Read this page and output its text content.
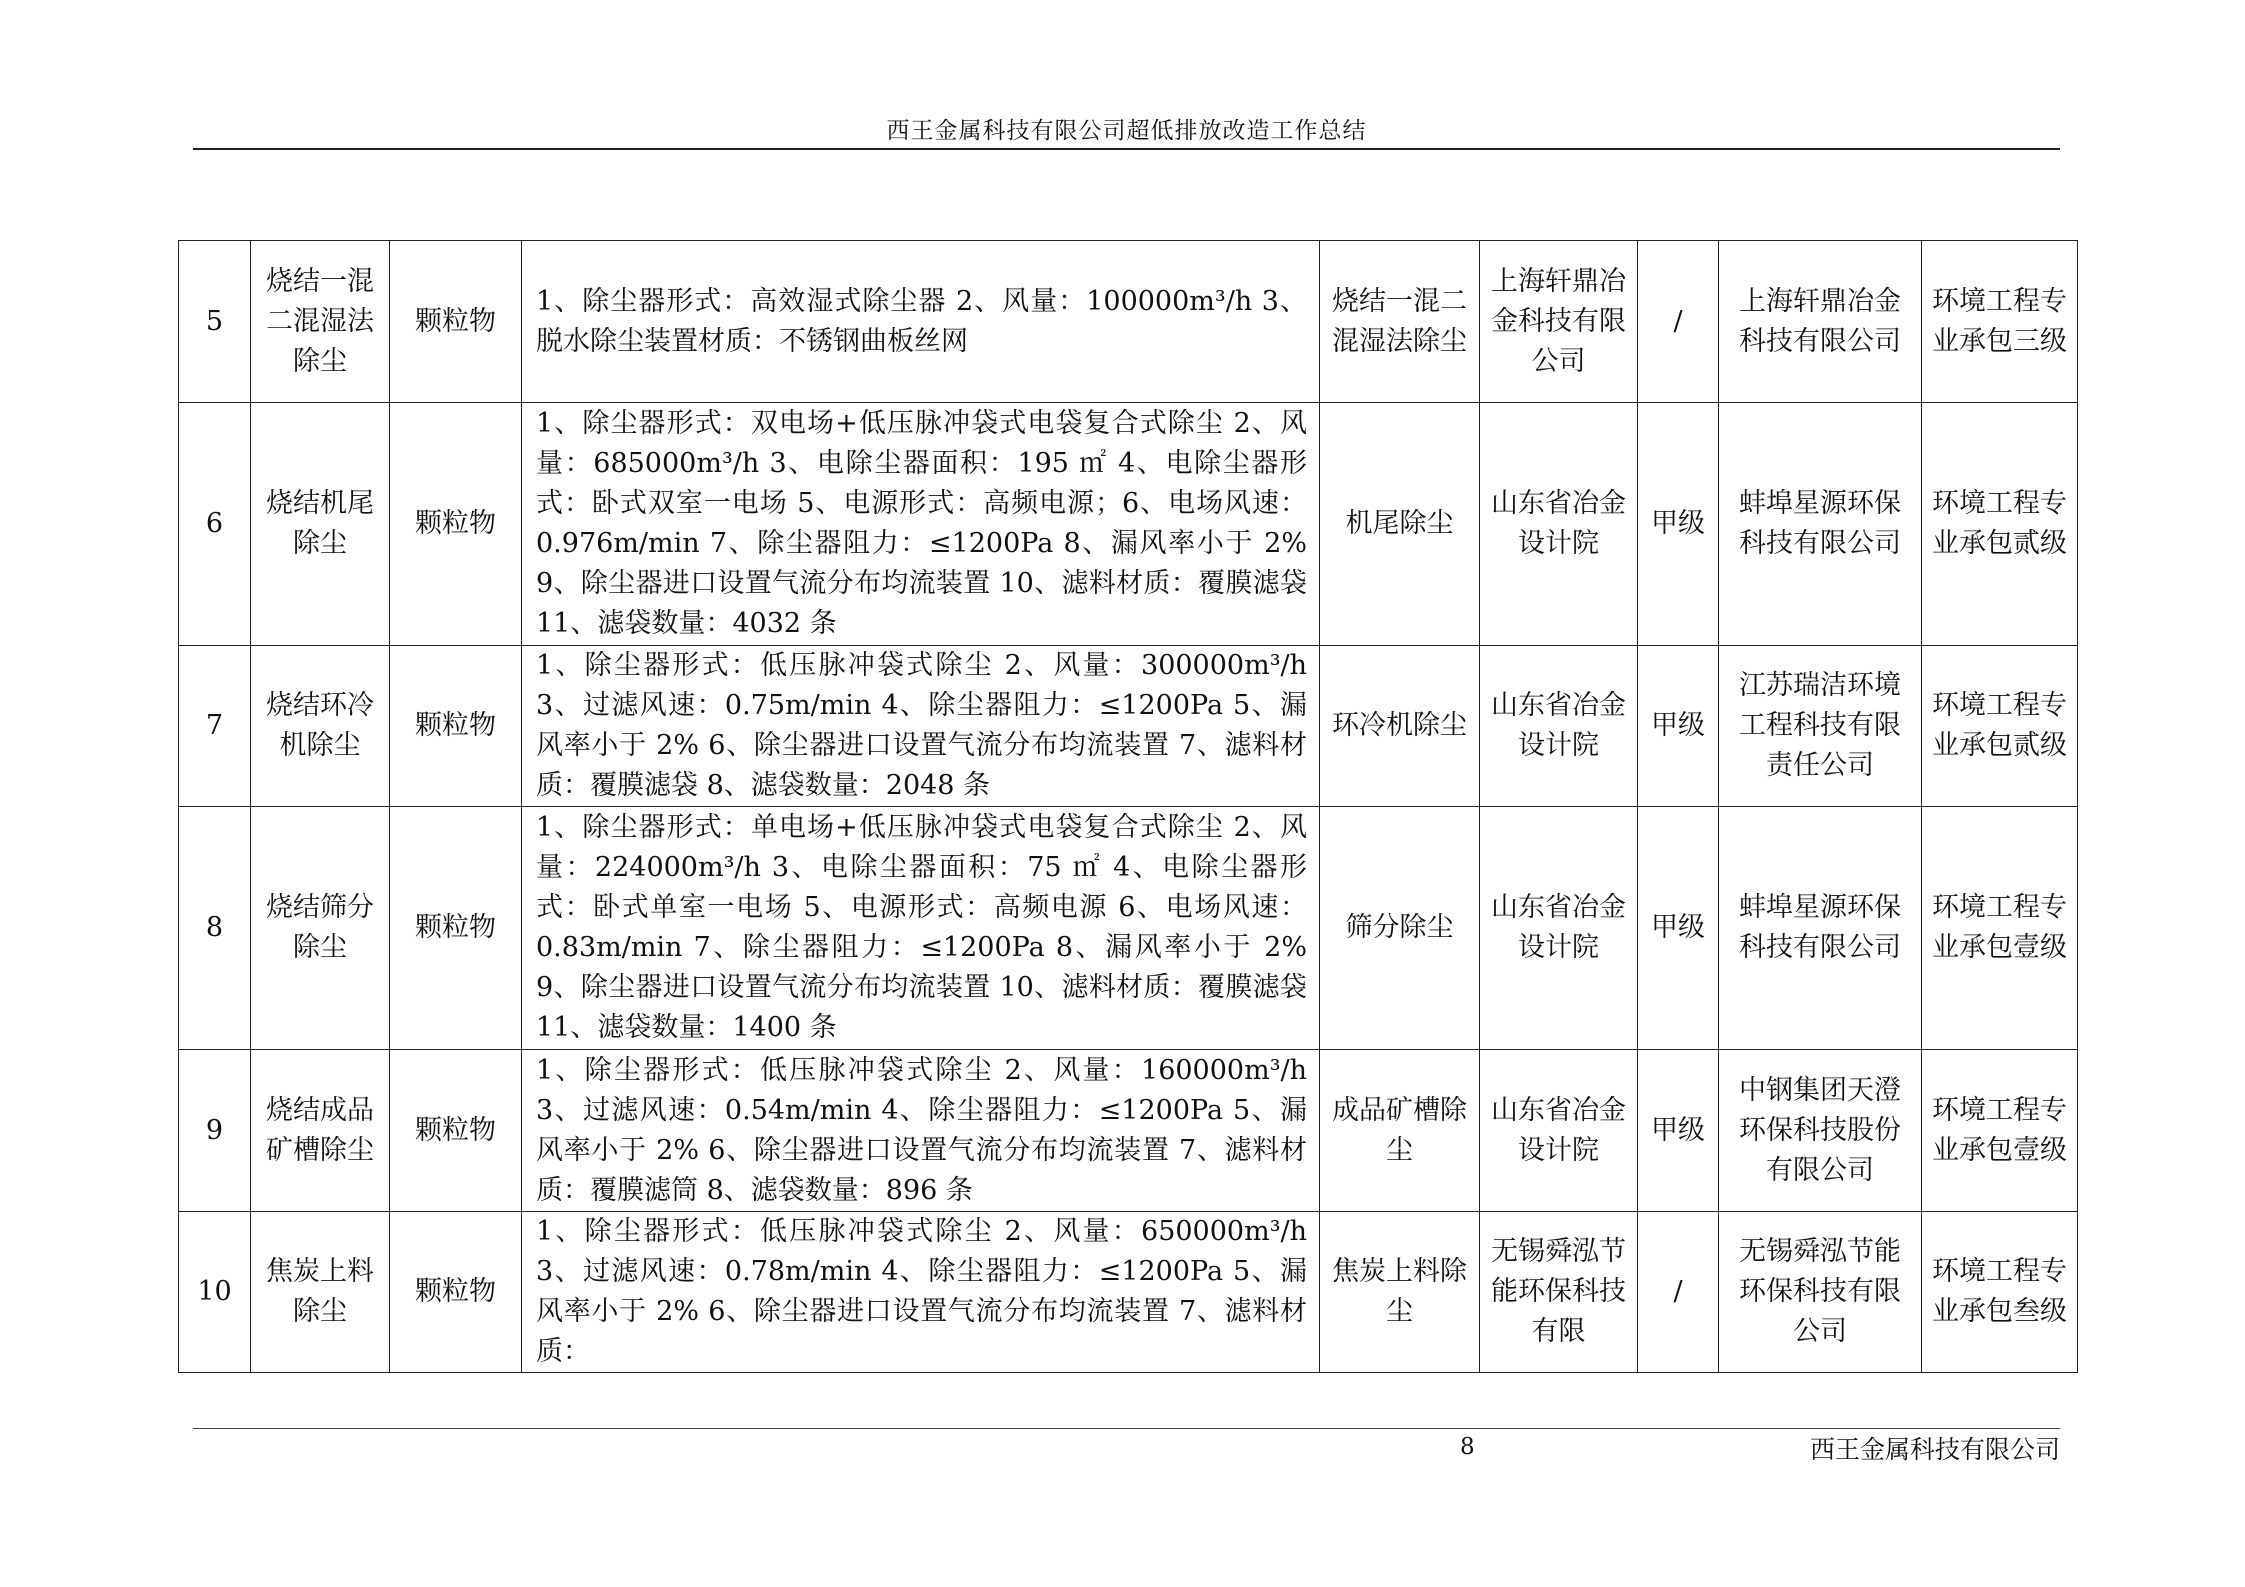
西王金属科技有限公司超低排放改造工作总结
5	烧结一混二混湿法除尘	颗粒物	1、除尘器形式：高效湿式除尘器 2、风量：100000m³/h 3、脱水除尘装置材质：不锈钢曲板丝网	烧结一混二混湿法除尘	上海轩鼎冶金科技有限公司	/	上海轩鼎冶金科技有限公司	环境工程专业承包三级
6	烧结机尾除尘	颗粒物	1、除尘器形式：双电场+低压脉冲袋式电袋复合式除尘 2、风量：685000m³/h 3、电除尘器面积：195 ㎡ 4、电除尘器形式：卧式双室一电场 5、电源形式：高频电源；6、电场风速：0.976m/min 7、除尘器阻力：≤1200Pa 8、漏风率小于 2% 9、除尘器进口设置气流分布均流装置 10、滤料材质：覆膜滤袋 11、滤袋数量：4032 条	机尾除尘	山东省冶金设计院	甲级	蚌埠星源环保科技有限公司	环境工程专业承包贰级
7	烧结环冷机除尘	颗粒物	1、除尘器形式：低压脉冲袋式除尘 2、风量：300000m³/h 3、过滤风速：0.75m/min 4、除尘器阻力：≤1200Pa 5、漏风率小于 2% 6、除尘器进口设置气流分布均流装置 7、滤料材质：覆膜滤袋 8、滤袋数量：2048 条	环冷机除尘	山东省冶金设计院	甲级	江苏瑞洁环境工程科技有限责任公司	环境工程专业承包贰级
8	烧结筛分除尘	颗粒物	1、除尘器形式：单电场+低压脉冲袋式电袋复合式除尘 2、风量：224000m³/h 3、电除尘器面积：75 ㎡ 4、电除尘器形式：卧式单室一电场 5、电源形式：高频电源 6、电场风速：0.83m/min 7、除尘器阻力：≤1200Pa 8、漏风率小于 2% 9、除尘器进口设置气流分布均流装置 10、滤料材质：覆膜滤袋 11、滤袋数量：1400 条	筛分除尘	山东省冶金设计院	甲级	蚌埠星源环保科技有限公司	环境工程专业承包壹级
9	烧结成品矿槽除尘	颗粒物	1、除尘器形式：低压脉冲袋式除尘 2、风量：160000m³/h 3、过滤风速：0.54m/min 4、除尘器阻力：≤1200Pa 5、漏风率小于 2% 6、除尘器进口设置气流分布均流装置 7、滤料材质：覆膜滤筒 8、滤袋数量：896 条	成品矿槽除尘	山东省冶金设计院	甲级	中钢集团天澄环保科技股份有限公司	环境工程专业承包壹级
10	焦炭上料除尘	颗粒物	1、除尘器形式：低压脉冲袋式除尘 2、风量：650000m³/h 3、过滤风速：0.78m/min 4、除尘器阻力：≤1200Pa 5、漏风率小于 2% 6、除尘器进口设置气流分布均流装置 7、滤料材质：	焦炭上料除尘	无锡舜泓节能环保科技有限	/	无锡舜泓节能环保科技有限公司	环境工程专业承包叁级
8	西王金属科技有限公司
